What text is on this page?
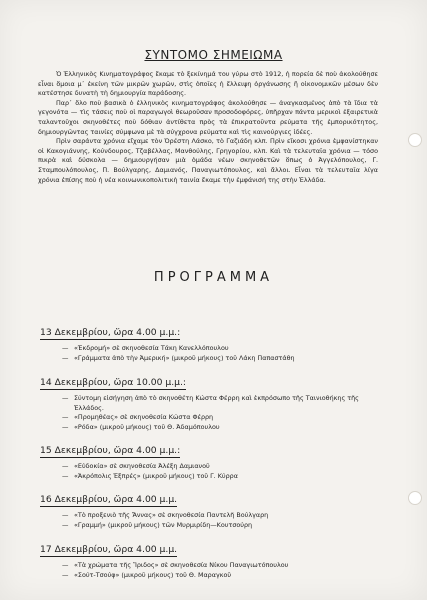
ΣΥΝΤΟΜΟ ΣΗΜΕΙΩΜΑ

Ὁ Ἑλληνικὸς Κινηματογράφος ἔκαμε τὸ ξεκίνημά του γύρω στὸ 1912, ἡ πορεία δὲ ποὺ ἀκολούθησε εἶναι ὅμοια μ᾽ ἐκείνη τῶν μικρῶν χωρῶν, στὶς ὁποῖες ἡ ἔλλειψη ὀργάνωσης ἢ οἰκονομικῶν μέσων δὲν κατέστησε δυνατὴ τὴ δημιουργία παράδοσης.

Παρ᾽ ὅλο ποὺ βασικὰ ὁ ἑλληνικὸς κινηματογράφος ἀκολούθησε — ἀναγκασμένος ἀπὸ τὰ ἴδια τὰ γεγονότα — τὶς τάσεις ποὺ οἱ παραγωγοὶ θεωροῦσαν προσοδοφόρες, ὑπῆρχαν πάντα μερικοὶ ἐξαιρετικὰ ταλαντοῦχοι σκηνοθέτες ποὺ δόθιαν ἀντίθετα πρὸς τὰ ἐπικρατοῦντα ρεύματα τῆς ἐμπορικότητος, δημιουργῶντας ταινίες σύμφωνα μὲ τὰ σύγχρονα ρεύματα καὶ τὶς καινούργιες ἰδέες.

Πρὶν σαράντα χρόνια εἴχαμε τὸν Ὀρέστη Λάσκο, τὸ Γαζιάδη κλπ. Πρὶν εἴκοσι χρόνια ἐμφανίστηκαν οἱ Κακογιάννης, Κούνδουρος, Τζαβέλλας, Μανθούλης, Γρηγορίου, κλπ. Καὶ τὰ τελευταῖα χρόνια — τόσο πικρὰ καὶ δύσκολα — δημιουργήσαν μιὰ ὁμάδα νέων σκηνοθετῶν ὅπως ὁ Ἀγγελόπουλος, Γ. Σταμπουλόπουλος, Π. Βούλγαρης, Δαμιανός, Παναγιωτόπουλος, καὶ ἄλλοι. Εἶναι τὰ τελευταῖα λίγα χρόνια ἐπίσης ποὺ ἡ νέα κοινωνικοπολιτικὴ ταινία ἔκαμε τὴν ἐμφάνισή της στὴν Ἑλλάδα.

ΠΡΟΓΡΑΜΜΑ
13 Δεκεμβρίου, ὥρα 4.00 μ.μ.:
— «Ἐκδρομή» σὲ σκηνοθεσία Τάκη Κανελλόπουλου
— «Γράμματα ἀπὸ τὴν Ἀμερική» (μικροῦ μήκους) τοῦ Λάκη Παπαστάθη
14 Δεκεμβρίου, ὥρα 10.00 μ.μ.:
— Σύντομη εἰσήγηση ἀπὸ τὸ σκηνοθέτη Κώστα Φέρρη καὶ ἐκπρόσωπο τῆς Ταινιοθήκης τῆς Ἑλλάδος.
— «Προμηθέας» σὲ σκηνοθεσία Κώστα Φέρρη
— «Ρόδα» (μικροῦ μήκους) τοῦ Θ. Ἀδαμόπουλου
15 Δεκεμβρίου, ὥρα 4.00 μ.μ.:
— «Εὐδοκία» σὲ σκηνοθεσία Ἀλέξη Δαμιανοῦ
— «Ἀκρόπολις Ἐξπρές» (μικροῦ μήκους) τοῦ Γ. Κύρρα
16 Δεκεμβρίου, ὥρα 4.00 μ.μ.
— «Τὸ προξενιὸ τῆς Ἄννας» σὲ σκηνοθεσία Παντελῆ Βούλγαρη
— «Γραμμή» (μικροῦ μήκους) τῶν Μυρμιρίδη—Κουτσούρη
17 Δεκεμβρίου, ὥρα 4.00 μ.μ.
— «Τὰ χρώματα τῆς Ἴριδος» σὲ σκηνοθεσία Νίκου Παναγιωτόπουλου
— «Σούτ-Τσούφ» (μικροῦ μήκους) τοῦ Θ. Μαραγκοῦ
